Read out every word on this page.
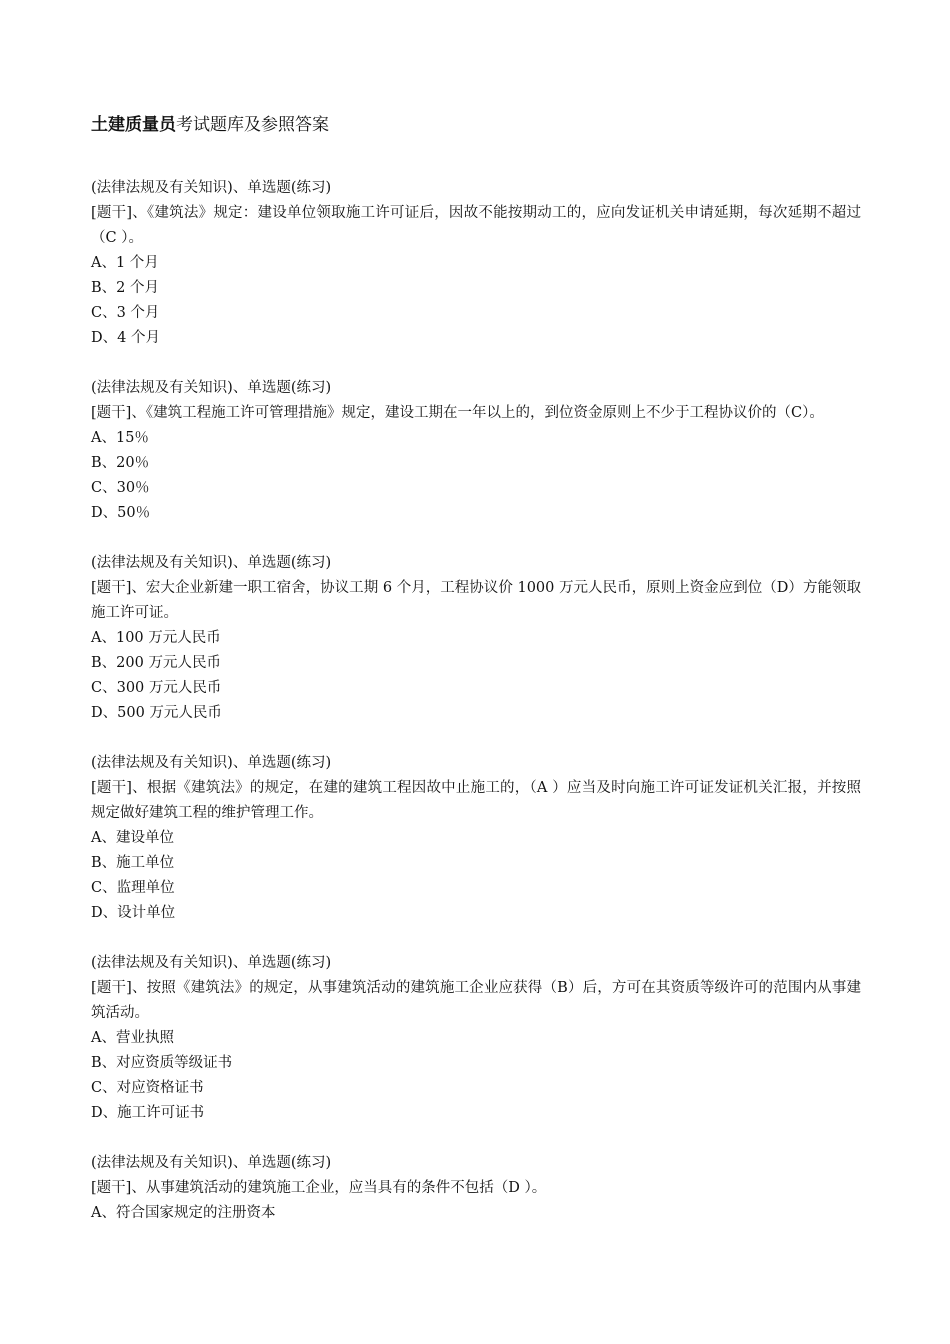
土建质量员考试题库及参照答案

(法律法规及有关知识)、单选题(练习)

[题干]、《建筑法》规定：建设单位领取施工许可证后，因故不能按期动工的，应向发证机关申请延期，每次延期不超过（C ）。

A、1 个月

B、2 个月

C、3 个月

D、4 个月

(法律法规及有关知识)、单选题(练习)

[题干]、《建筑工程施工许可管理措施》规定，建设工期在一年以上的，到位资金原则上不少于工程协议价的（C）。

A、15％

B、20％

C、30％

D、50％

(法律法规及有关知识)、单选题(练习)

[题干]、宏大企业新建一职工宿舍，协议工期 6 个月，工程协议价 1000 万元人民币，原则上资金应到位（D）方能领取施工许可证。

A、100 万元人民币

B、200 万元人民币

C、300 万元人民币

D、500 万元人民币

(法律法规及有关知识)、单选题(练习)

[题干]、根据《建筑法》的规定，在建的建筑工程因故中止施工的，（A ）应当及时向施工许可证发证机关汇报，并按照规定做好建筑工程的维护管理工作。

A、建设单位

B、施工单位

C、监理单位

D、设计单位

(法律法规及有关知识)、单选题(练习)

[题干]、按照《建筑法》的规定，从事建筑活动的建筑施工企业应获得（B）后，方可在其资质等级许可的范围内从事建筑活动。

A、营业执照

B、对应资质等级证书

C、对应资格证书

D、施工许可证书

(法律法规及有关知识)、单选题(练习)

[题干]、从事建筑活动的建筑施工企业，应当具有的条件不包括（D ）。

A、符合国家规定的注册资本
